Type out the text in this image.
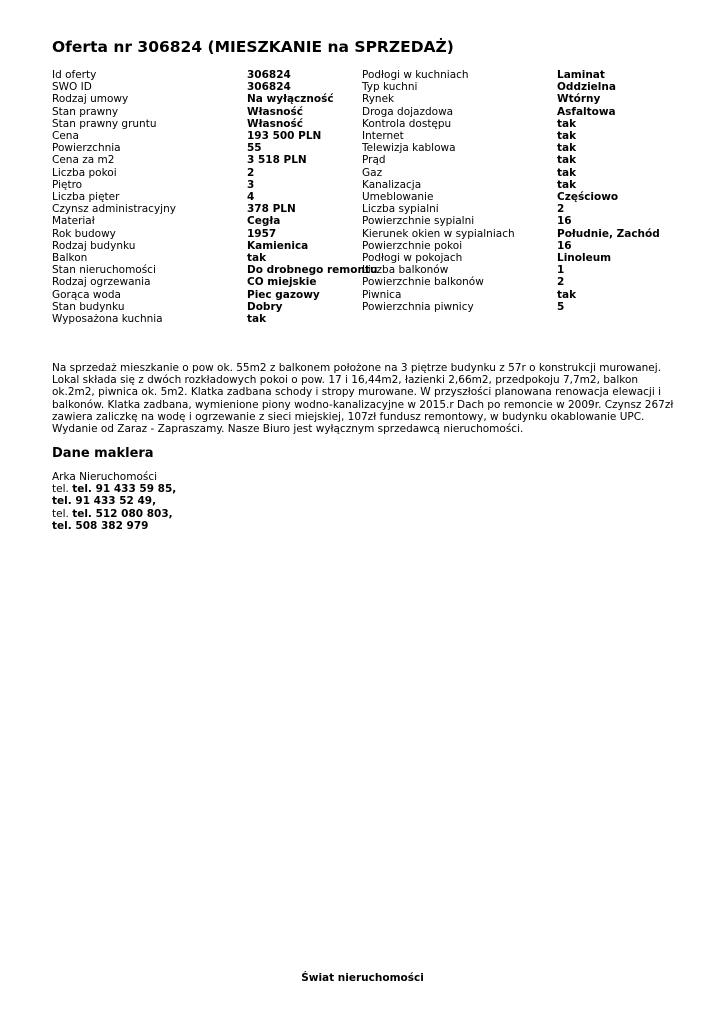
Oferta nr 306824 (MIESZKANIE na SPRZEDAŻ)
Id oferty	306824
SWO ID	306824
Rodzaj umowy	Na wyłączność
Stan prawny	Własność
Stan prawny gruntu	Własność
Cena	193 500 PLN
Powierzchnia	55
Cena za m2	3 518 PLN
Liczba pokoi	2
Piętro	3
Liczba pięter	4
Czynsz administracyjny	378 PLN
Materiał	Cegła
Rok budowy	1957
Rodzaj budynku	Kamienica
Balkon	tak
Stan nieruchomości	Do drobnego remontu
Rodzaj ogrzewania	CO miejskie
Gorąca woda	Piec gazowy
Stan budynku	Dobry
Wyposażona kuchnia	tak
Podłogi w kuchniach	Laminat
Typ kuchni	Oddzielna
Rynek	Wtórny
Droga dojazdowa	Asfaltowa
Kontrola dostępu	tak
Internet	tak
Telewizja kablowa	tak
Prąd	tak
Gaz	tak
Kanalizacja	tak
Umeblowanie	Częściowo
Liczba sypialni	2
Powierzchnie sypialni	16
Kierunek okien w sypialniach	Południe, Zachód
Powierzchnie pokoi	16
Podłogi w pokojach	Linoleum
Liczba balkonów	1
Powierzchnie balkonów	2
Piwnica	tak
Powierzchnia piwnicy	5

Na sprzedaż mieszkanie o pow ok. 55m2 z balkonem położone na 3 piętrze budynku z 57r o konstrukcji murowanej. Lokal składa się z dwóch rozkładowych pokoi o pow. 17 i 16,44m2, łazienki 2,66m2, przedpokoju 7,7m2, balkon ok.2m2, piwnica ok. 5m2. Klatka zadbana schody i stropy murowane. W przyszłości planowana renowacja elewacji i balkonów. Klatka zadbana, wymienione piony wodno-kanalizacyjne w 2015.r Dach po remoncie w 2009r. Czynsz 267zł zawiera zaliczkę na wodę i ogrzewanie z sieci miejskiej, 107zł fundusz remontowy, w budynku okablowanie UPC. Wydanie od Zaraz - Zapraszamy. Nasze Biuro jest wyłącznym sprzedawcą nieruchomości.

Dane maklera
Arka Nieruchomości
tel. tel. 91 433 59 85,
tel. 91 433 52 49,
tel. tel. 512 080 803,
tel. 508 382 979
Świat nieruchomości
